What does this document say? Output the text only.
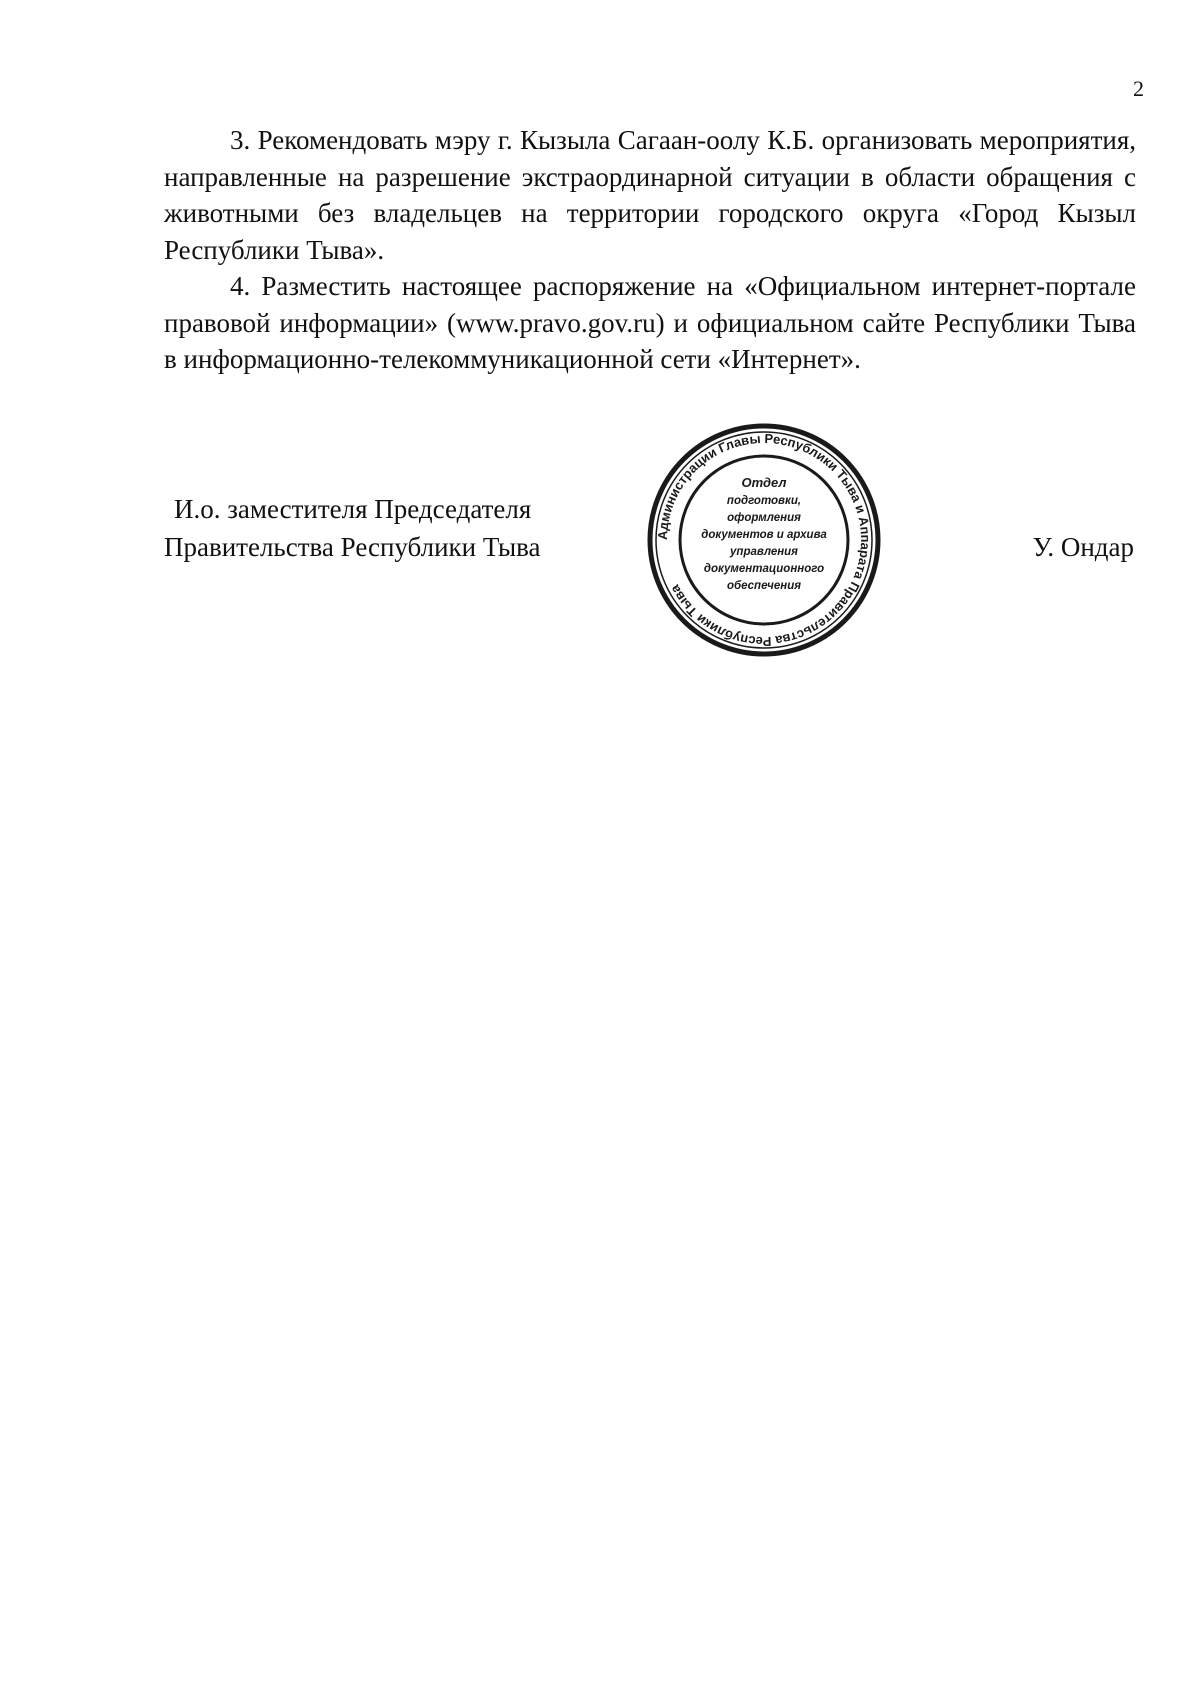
2

3. Рекомендовать мэру г. Кызыла Сагаан-оолу К.Б. организовать мероприятия, направленные на разрешение экстраординарной ситуации в области обращения с животными без владельцев на территории городского округа «Город Кызыл Республики Тыва».

4. Разместить настоящее распоряжение на «Официальном интернет-портале правовой информации» (www.pravo.gov.ru) и официальном сайте Республики Тыва в информационно-телекоммуникационной сети «Интернет».

И.о. заместителя Председателя
Правительства Республики Тыва	У. Ондар
Администрации Главы Республики Тыва и Аппарата Правительства Республики Тыва
Отдел
подготовки,
оформления
документов и архива
управления
документационного
обеспечения
